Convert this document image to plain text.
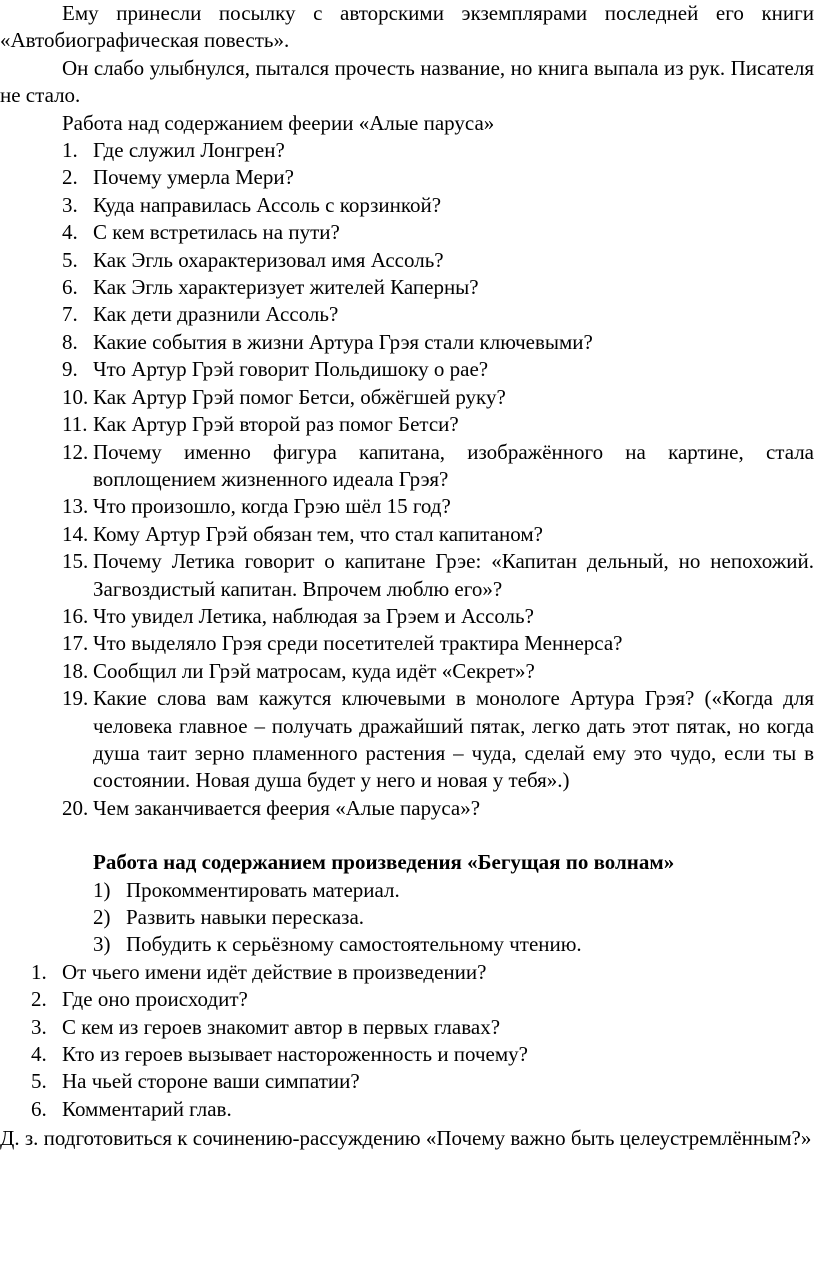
Ему принесли посылку с авторскими экземплярами последней его книги «Автобиографическая повесть».

Он слабо улыбнулся, пытался прочесть название, но книга выпала из рук. Писателя не стало.

Работа над содержанием феерии «Алые паруса»

1. Где служил Лонгрен?

2. Почему умерла Мери?

3. Куда направилась Ассоль с корзинкой?

4. С кем встретилась на пути?

5. Как Эгль охарактеризовал имя Ассоль?

6. Как Эгль характеризует жителей Каперны?

7. Как дети дразнили Ассоль?

8. Какие события в жизни Артура Грэя стали ключевыми?

9. Что Артур Грэй говорит Польдишоку о рае?

10. Как Артур Грэй помог Бетси, обжёгшей руку?

11. Как Артур Грэй второй раз помог Бетси?

12. Почему именно фигура капитана, изображённого на картине, стала воплощением жизненного идеала Грэя?

13. Что произошло, когда Грэю шёл 15 год?

14. Кому Артур Грэй обязан тем, что стал капитаном?

15. Почему Летика говорит о капитане Грэе: «Капитан дельный, но непохожий. Загвоздистый капитан. Впрочем люблю его»?

16. Что увидел Летика, наблюдая за Грэем и Ассоль?

17. Что выделяло Грэя среди посетителей трактира Меннерса?

18. Сообщил ли Грэй матросам, куда идёт «Секрет»?

19. Какие слова вам кажутся ключевыми в монологе Артура Грэя? («Когда для человека главное – получать дражайший пятак, легко дать этот пятак, но когда душа таит зерно пламенного растения – чуда, сделай ему это чудо, если ты в состоянии. Новая душа будет у него и новая у тебя».)

20. Чем заканчивается феерия «Алые паруса»?

Работа над содержанием произведения «Бегущая по волнам»

1) Прокомментировать материал.

2) Развить навыки пересказа.

3) Побудить к серьёзному самостоятельному чтению.

1. От чьего имени идёт действие в произведении?

2. Где оно происходит?

3. С кем из героев знакомит автор в первых главах?

4. Кто из героев вызывает настороженность и почему?

5. На чьей стороне ваши симпатии?

6. Комментарий глав.

Д. з. подготовиться к сочинению-рассуждению «Почему важно быть целеустремлённым?»
